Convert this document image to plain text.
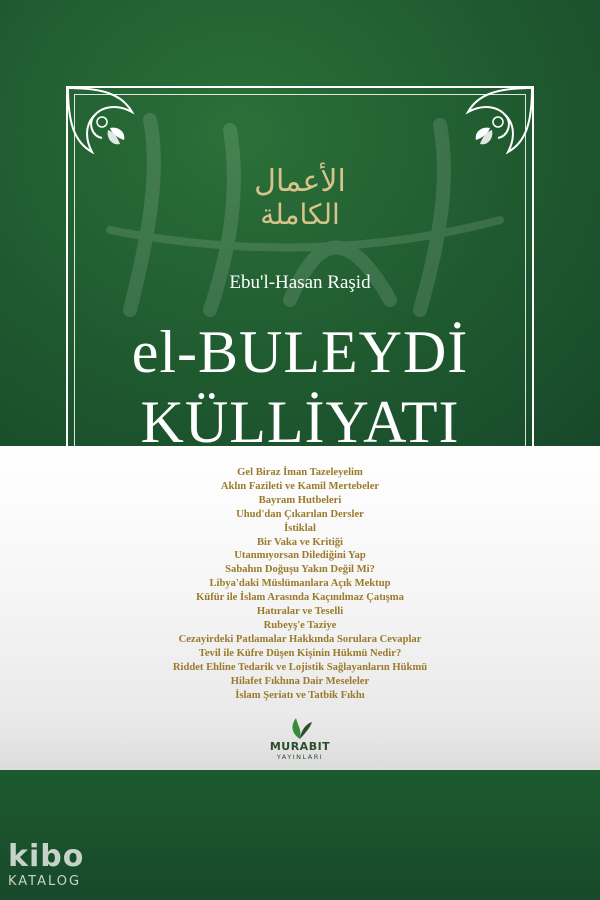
الأعمال
الكاملة
Ebu'l-Hasan Raşid
el-BULEYDİ
KÜLLİYATI
Gel Biraz İman Tazeleyelim
Aklın Fazileti ve Kamil Mertebeler
Bayram Hutbeleri
Uhud'dan Çıkarılan Dersler
İstiklal
Bir Vaka ve Kritiği
Utanmıyorsan Dilediğini Yap
Sabahın Doğuşu Yakın Değil Mi?
Libya'daki Müslümanlara Açık Mektup
Küfür ile İslam Arasında Kaçınılmaz Çatışma
Hatıralar ve Teselli
Rubeyş'e Taziye
Cezayirdeki Patlamalar Hakkında Sorulara Cevaplar
Tevil ile Küfre Düşen Kişinin Hükmü Nedir?
Riddet Ehline Tedarik ve Lojistik Sağlayanların Hükmü
Hilafet Fıkhına Dair Meseleler
İslam Şeriatı ve Tatbik Fıkhı
MURABIT
YAYINLARI
kibo
KATALOG
